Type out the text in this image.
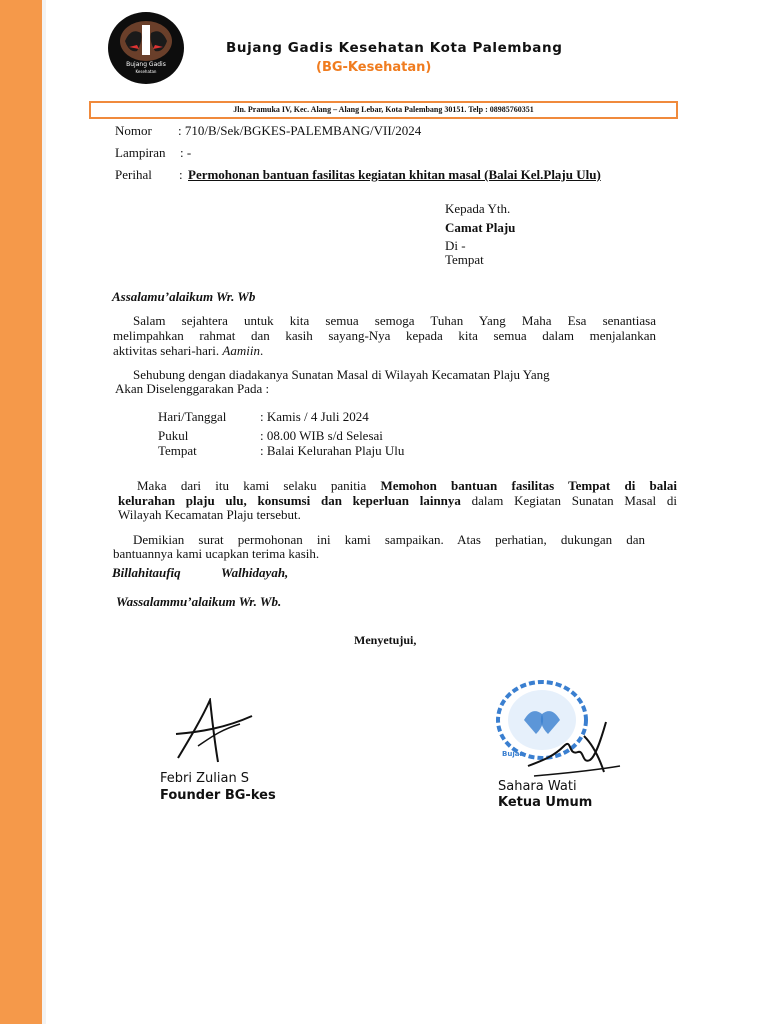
Bujang Gadis
Kesehatan
Bujang Gadis Kesehatan Kota Palembang
(BG-Kesehatan)
Jln. Pramuka IV, Kec. Alang – Alang Lebar, Kota Palembang 30151. Telp : 08985760351
Nomor : 710/B/Sek/BGKES-PALEMBANG/VII/2024
Lampiran : -
Perihal : Permohonan bantuan fasilitas kegiatan khitan masal (Balai Kel.Plaju Ulu)
Kepada Yth.
Camat Plaju
Di -
Tempat
Assalamu’alaikum Wr. Wb
Salam sejahtera untuk kita semua semoga Tuhan Yang Maha Esa senantiasa
melimpahkan rahmat dan kasih sayang-Nya kepada kita semua dalam menjalankan
aktivitas sehari-hari. Aamiin.
Sehubung dengan diadakanya Sunatan Masal di Wilayah Kecamatan Plaju Yang
Akan Diselenggarakan Pada :
Hari/Tanggal	: Kamis / 4 Juli 2024
Pukul	: 08.00 WIB s/d Selesai
Tempat	: Balai Kelurahan Plaju Ulu
Maka dari itu kami selaku panitia Memohon bantuan fasilitas Tempat di balai
kelurahan plaju ulu, konsumsi dan keperluan lainnya dalam Kegiatan Sunatan Masal di
Wilayah Kecamatan Plaju tersebut.
Demikian surat permohonan ini kami sampaikan. Atas perhatian, dukungan dan
bantuannya kami ucapkan terima kasih.
Billahitaufiq	Walhidayah,
Wassalammu’alaikum Wr. Wb.
Menyetujui,
Febri Zulian S
Founder BG-kes
Bujan
Sahara Wati
Ketua Umum
